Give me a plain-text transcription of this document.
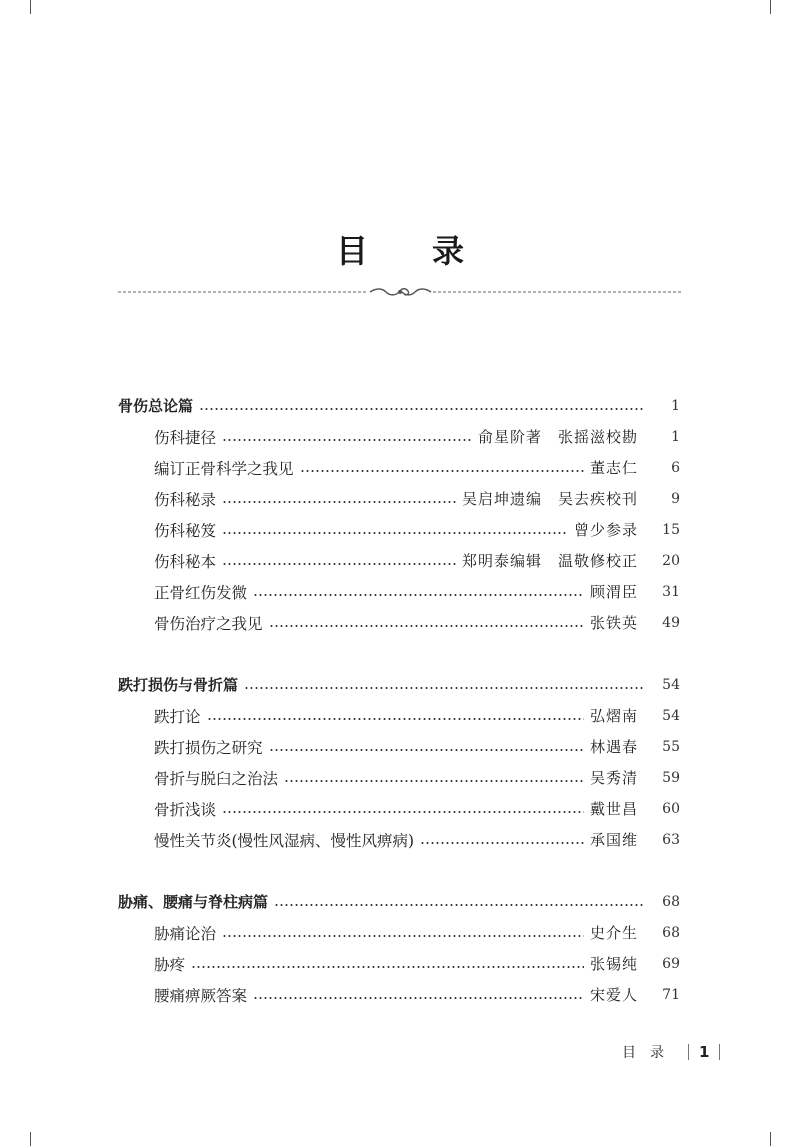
目录
骨伤总论篇	1
伤科捷径	俞星阶著　张摇滋校勘	1
编订正骨科学之我见	董志仁	6
伤科秘录	吴启坤遗编　吴去疾校刊	9
伤科秘笈	曾少参录	15
伤科秘本	郑明泰编辑　温敬修校正	20
正骨红伤发微	顾渭臣	31
骨伤治疗之我见	张铁英	49
跌打损伤与骨折篇	54
跌打论	弘熠南	54
跌打损伤之研究	林遇春	55
骨折与脱臼之治法	吴秀清	59
骨折浅谈	戴世昌	60
慢性关节炎(慢性风湿病、慢性风痹病)	承国维	63
胁痛、腰痛与脊柱病篇	68
胁痛论治	史介生	68
胁疼	张锡纯	69
腰痛痹厥答案	宋爱人	71
目录 1
